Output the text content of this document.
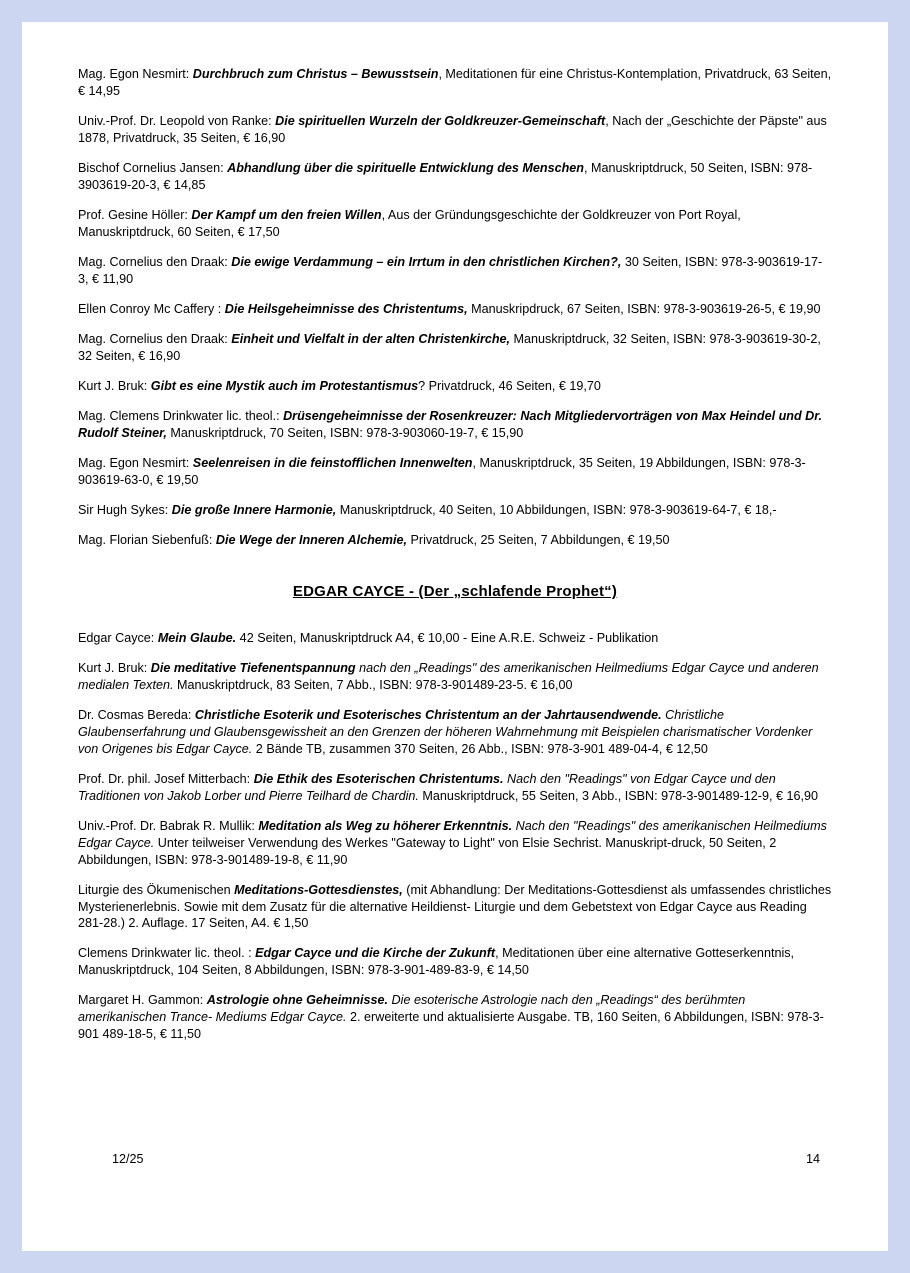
Mag. Egon Nesmirt: Durchbruch zum Christus – Bewusstsein, Meditationen für eine Christus-Kontemplation, Privatdruck, 63 Seiten, € 14,95
Univ.-Prof. Dr. Leopold von Ranke: Die spirituellen Wurzeln der Goldkreuzer-Gemeinschaft, Nach der „Geschichte der Päpste" aus 1878, Privatdruck, 35 Seiten, € 16,90
Bischof Cornelius Jansen: Abhandlung über die spirituelle Entwicklung des Menschen, Manuskriptdruck, 50 Seiten, ISBN: 978-3903619-20-3, € 14,85
Prof. Gesine Höller: Der Kampf um den freien Willen, Aus der Gründungsgeschichte der Goldkreuzer von Port Royal, Manuskriptdruck, 60 Seiten, € 17,50
Mag. Cornelius den Draak: Die ewige Verdammung – ein Irrtum in den christlichen Kirchen?, 30 Seiten, ISBN: 978-3-903619-17-3, € 11,90
Ellen Conroy Mc Caffery : Die Heilsgeheimnisse des Christentums, Manuskripdruck, 67 Seiten, ISBN: 978-3-903619-26-5, € 19,90
Mag. Cornelius den Draak: Einheit und Vielfalt in der alten Christenkirche, Manuskriptdruck, 32 Seiten, ISBN: 978-3-903619-30-2, 32 Seiten, € 16,90
Kurt J. Bruk: Gibt es eine Mystik auch im Protestantismus? Privatdruck, 46 Seiten, € 19,70
Mag. Clemens Drinkwater lic. theol.: Drüsengeheimnisse der Rosenkreuzer: Nach Mitgliedervorträgen von Max Heindel und Dr. Rudolf Steiner, Manuskriptdruck, 70 Seiten, ISBN: 978-3-903060-19-7, € 15,90
Mag. Egon Nesmirt: Seelenreisen in die feinstofflichen Innenwelten, Manuskriptdruck, 35 Seiten, 19 Abbildungen, ISBN: 978-3-903619-63-0, € 19,50
Sir Hugh Sykes: Die große Innere Harmonie, Manuskriptdruck, 40 Seiten, 10 Abbildungen, ISBN: 978-3-903619-64-7, € 18,-
Mag. Florian Siebenfuß: Die Wege der Inneren Alchemie, Privatdruck, 25 Seiten, 7 Abbildungen, € 19,50
EDGAR CAYCE - (Der „schlafende Prophet“)
Edgar Cayce: Mein Glaube. 42 Seiten, Manuskriptdruck A4, € 10,00 - Eine A.R.E. Schweiz - Publikation
Kurt J. Bruk: Die meditative Tiefenentspannung nach den „Readings" des amerikanischen Heilmediums Edgar Cayce und anderen medialen Texten. Manuskriptdruck, 83 Seiten, 7 Abb., ISBN: 978-3-901489-23-5. € 16,00
Dr. Cosmas Bereda: Christliche Esoterik und Esoterisches Christentum an der Jahrtausendwende. Christliche Glaubenserfahrung und Glaubensgewissheit an den Grenzen der höheren Wahrnehmung mit Beispielen charismatischer Vordenker von Origenes bis Edgar Cayce. 2 Bände TB, zusammen 370 Seiten, 26 Abb., ISBN: 978-3-901 489-04-4, € 12,50
Prof. Dr. phil. Josef Mitterbach: Die Ethik des Esoterischen Christentums. Nach den "Readings" von Edgar Cayce und den Traditionen von Jakob Lorber und Pierre Teilhard de Chardin. Manuskriptdruck, 55 Seiten, 3 Abb., ISBN: 978-3-901489-12-9, € 16,90
Univ.-Prof. Dr. Babrak R. Mullik: Meditation als Weg zu höherer Erkenntnis. Nach den "Readings" des amerikanischen Heilmediums Edgar Cayce. Unter teilweiser Verwendung des Werkes "Gateway to Light" von Elsie Sechrist. Manuskript-druck, 50 Seiten, 2 Abbildungen, ISBN: 978-3-901489-19-8, € 11,90
Liturgie des Ökumenischen Meditations-Gottesdienstes, (mit Abhandlung: Der Meditations-Gottesdienst als umfassendes christliches Mysterienerlebnis. Sowie mit dem Zusatz für die alternative Heildienst- Liturgie und dem Gebetstext von Edgar Cayce aus Reading 281-28.) 2. Auflage. 17 Seiten, A4. € 1,50
Clemens Drinkwater lic. theol. : Edgar Cayce und die Kirche der Zukunft, Meditationen über eine alternative Gotteserkenntnis, Manuskriptdruck, 104 Seiten, 8 Abbildungen, ISBN: 978-3-901-489-83-9, € 14,50
Margaret H. Gammon: Astrologie ohne Geheimnisse. Die esoterische Astrologie nach den „Readings“ des berühmten amerikanischen Trance- Mediums Edgar Cayce. 2. erweiterte und aktualisierte Ausgabe. TB, 160 Seiten, 6 Abbildungen, ISBN: 978-3-901 489-18-5, € 11,50
12/25	14
